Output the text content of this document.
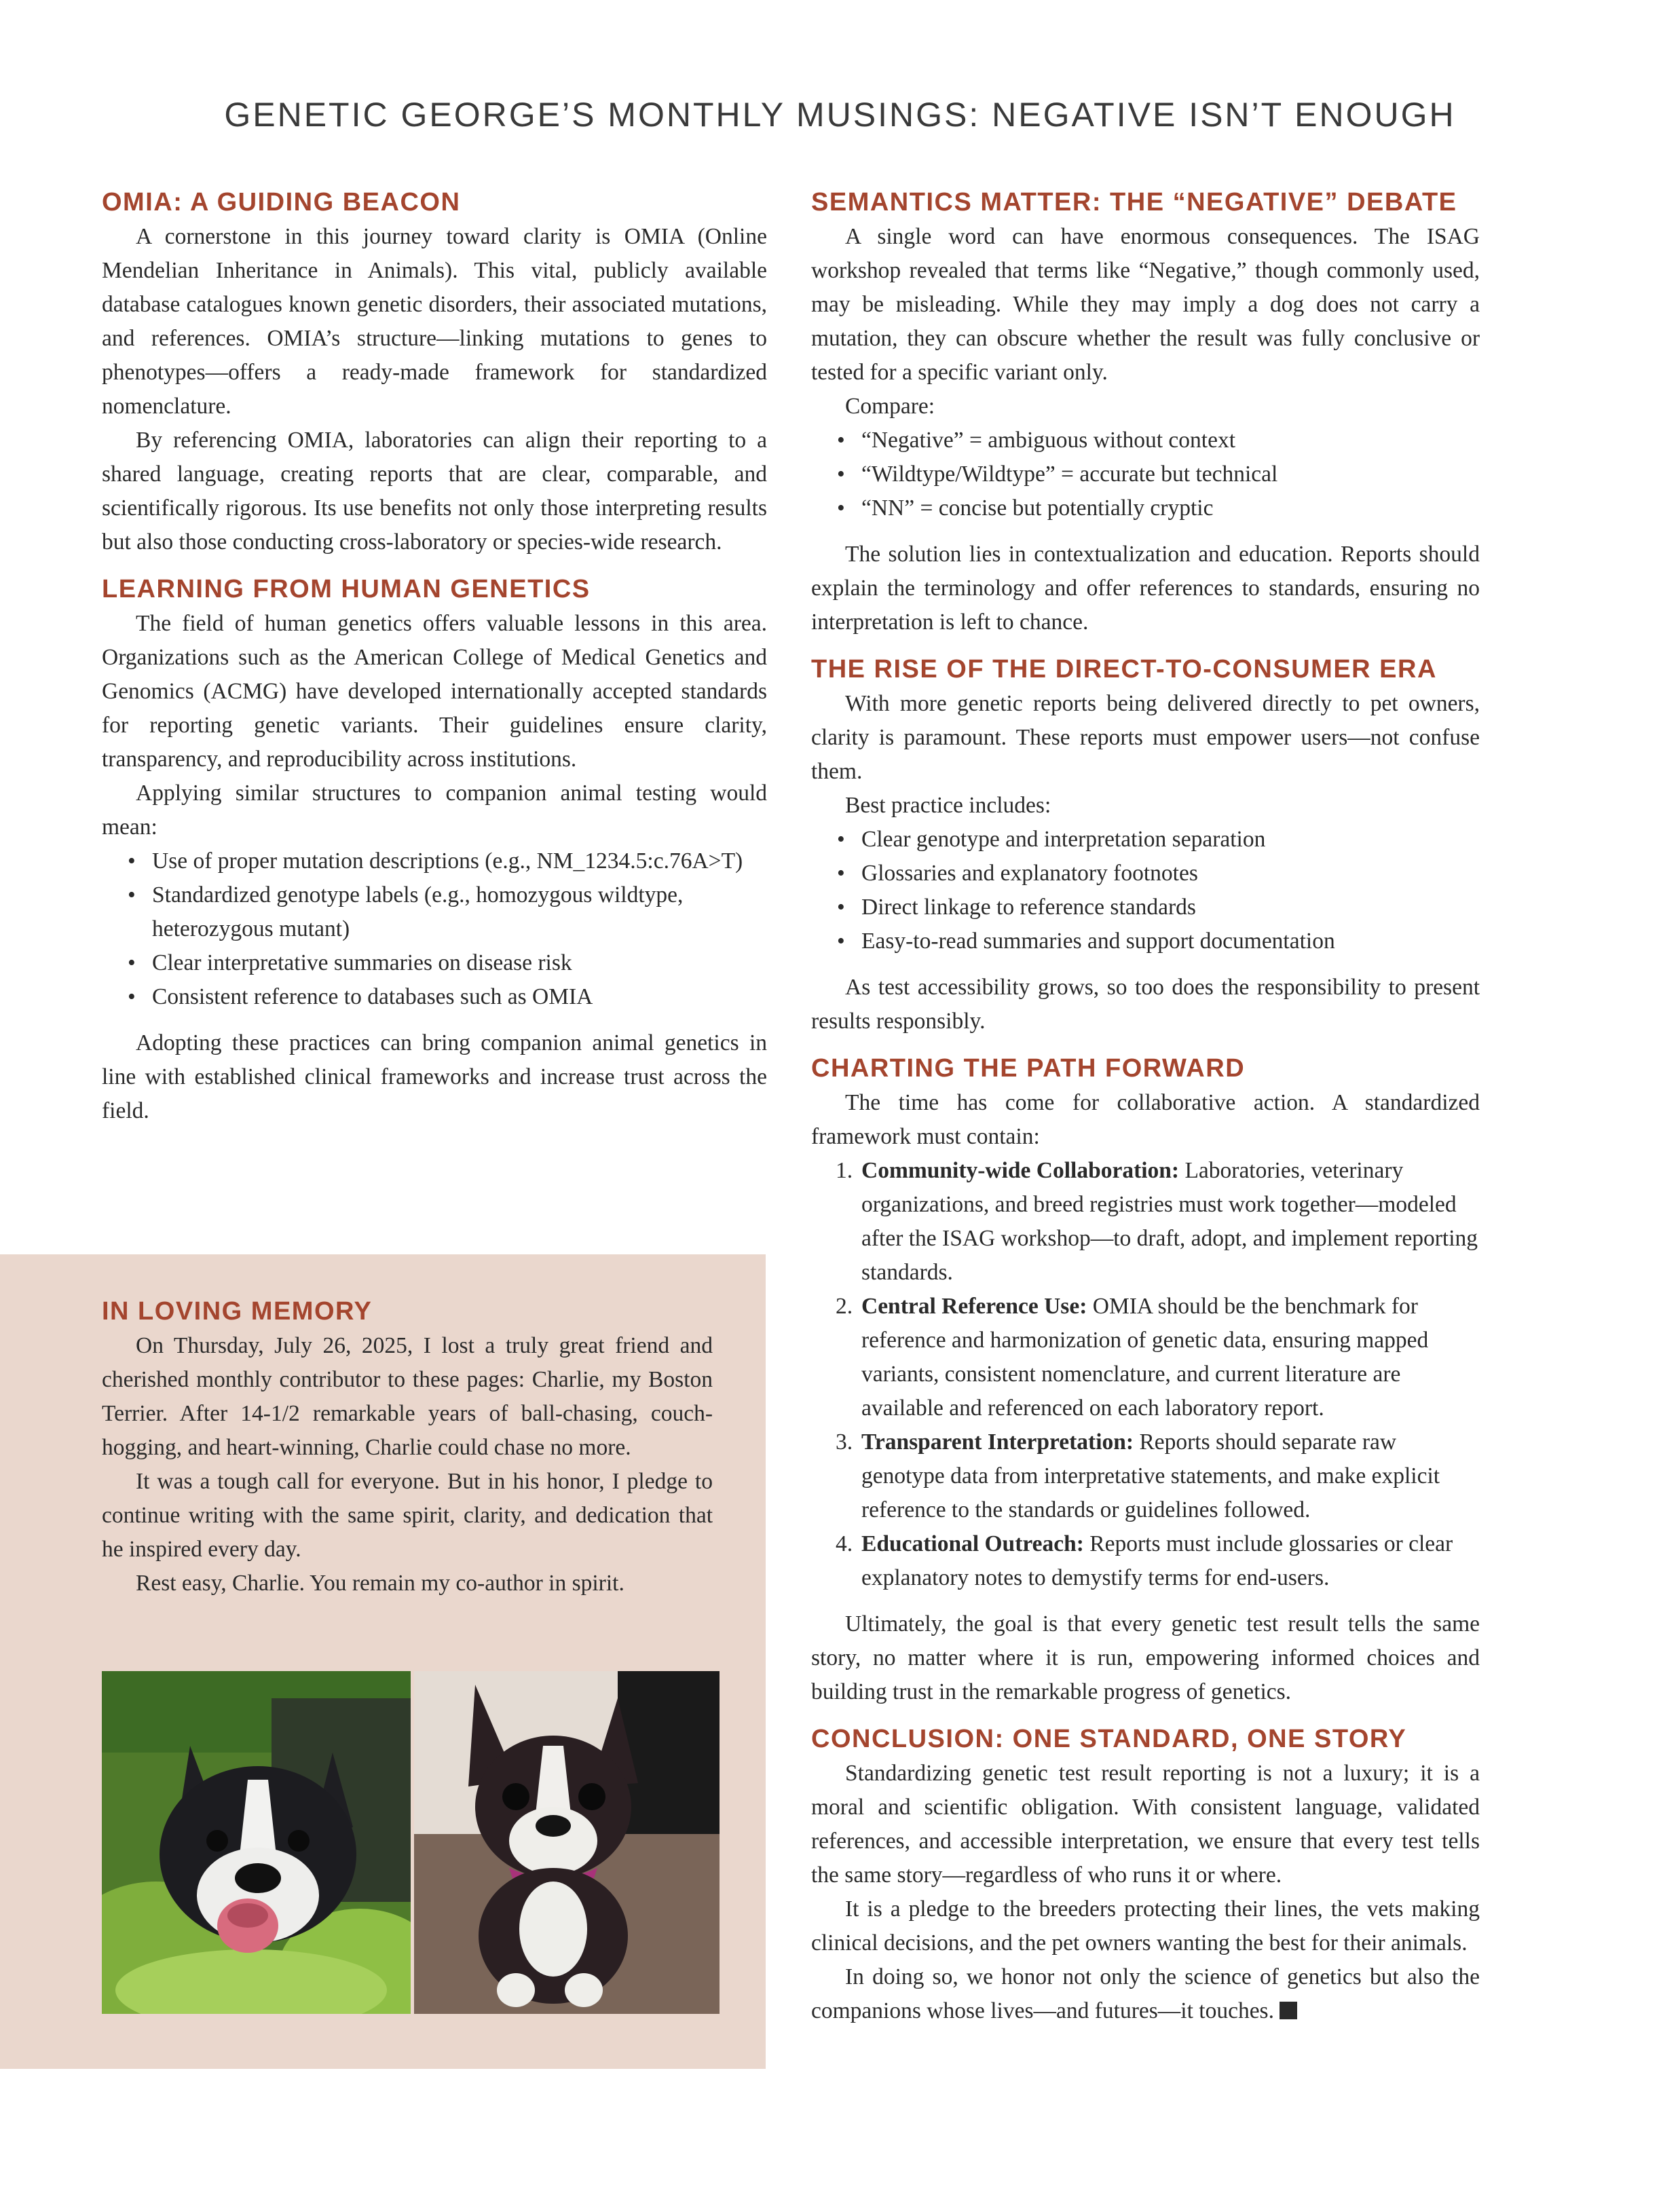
GENETIC GEORGE’S MONTHLY MUSINGS: NEGATIVE ISN’T ENOUGH
IN LOVING MEMORY

On Thursday, July 26, 2025, I lost a truly great friend and cherished monthly contributor to these pages: Charlie, my Boston Terrier. After 14-1/2 remarkable years of ball-chasing, couch-hogging, and heart-winning, Charlie could chase no more.

It was a tough call for everyone. But in his honor, I pledge to continue writing with the same spirit, clarity, and dedication that he inspired every day.

Rest easy, Charlie. You remain my co-author in spirit.

OMIA: A GUIDING BEACON

A cornerstone in this journey toward clarity is OMIA (Online Mendelian Inheritance in Animals). This vital, publicly available database catalogues known genetic disorders, their associated mutations, and references. OMIA’s structure—linking mutations to genes to phenotypes—offers a ready-made framework for standardized nomenclature.

By referencing OMIA, laboratories can align their reporting to a shared language, creating reports that are clear, comparable, and scientifically rigorous. Its use benefits not only those interpreting results but also those conducting cross-laboratory or species-wide research.

LEARNING FROM HUMAN GENETICS

The field of human genetics offers valuable lessons in this area. Organizations such as the American College of Medical Genetics and Genomics (ACMG) have developed internationally accepted standards for reporting genetic variants. Their guidelines ensure clarity, transparency, and reproducibility across institutions.

Applying similar structures to companion animal testing would mean:

• Use of proper mutation descriptions (e.g., NM_1234.5:c.76A>T)
• Standardized genotype labels (e.g., homozygous wildtype, heterozygous mutant)
• Clear interpretative summaries on disease risk
• Consistent reference to databases such as OMIA

Adopting these practices can bring companion animal genetics in line with established clinical frameworks and increase trust across the field.

SEMANTICS MATTER: THE “NEGATIVE” DEBATE

A single word can have enormous consequences. The ISAG workshop revealed that terms like “Negative,” though commonly used, may be misleading. While they may imply a dog does not carry a mutation, they can obscure whether the result was fully conclusive or tested for a specific variant only.

Compare:

• “Negative” = ambiguous without context
• “Wildtype/Wildtype” = accurate but technical
• “NN” = concise but potentially cryptic

The solution lies in contextualization and education. Reports should explain the terminology and offer references to standards, ensuring no interpretation is left to chance.

THE RISE OF THE DIRECT-TO-CONSUMER ERA

With more genetic reports being delivered directly to pet owners, clarity is paramount. These reports must empower users—not confuse them.

Best practice includes:

• Clear genotype and interpretation separation
• Glossaries and explanatory footnotes
• Direct linkage to reference standards
• Easy-to-read summaries and support documentation

As test accessibility grows, so too does the responsibility to present results responsibly.

CHARTING THE PATH FORWARD

The time has come for collaborative action. A standardized framework must contain:

1. Community-wide Collaboration: Laboratories, veterinary organizations, and breed registries must work together—modeled after the ISAG workshop—to draft, adopt, and implement reporting standards.
2. Central Reference Use: OMIA should be the benchmark for reference and harmonization of genetic data, ensuring mapped variants, consistent nomenclature, and current literature are available and referenced on each laboratory report.
3. Transparent Interpretation: Reports should separate raw genotype data from interpretative statements, and make explicit reference to the standards or guidelines followed.
4. Educational Outreach: Reports must include glossaries or clear explanatory notes to demystify terms for end-users.

Ultimately, the goal is that every genetic test result tells the same story, no matter where it is run, empowering informed choices and building trust in the remarkable progress of genetics.

CONCLUSION: ONE STANDARD, ONE STORY

Standardizing genetic test result reporting is not a luxury; it is a moral and scientific obligation. With consistent language, validated references, and accessible interpretation, we ensure that every test tells the same story—regardless of who runs it or where.

It is a pledge to the breeders protecting their lines, the vets making clinical decisions, and the pet owners wanting the best for their animals.

In doing so, we honor not only the science of genetics but also the companions whose lives—and futures—it touches.
